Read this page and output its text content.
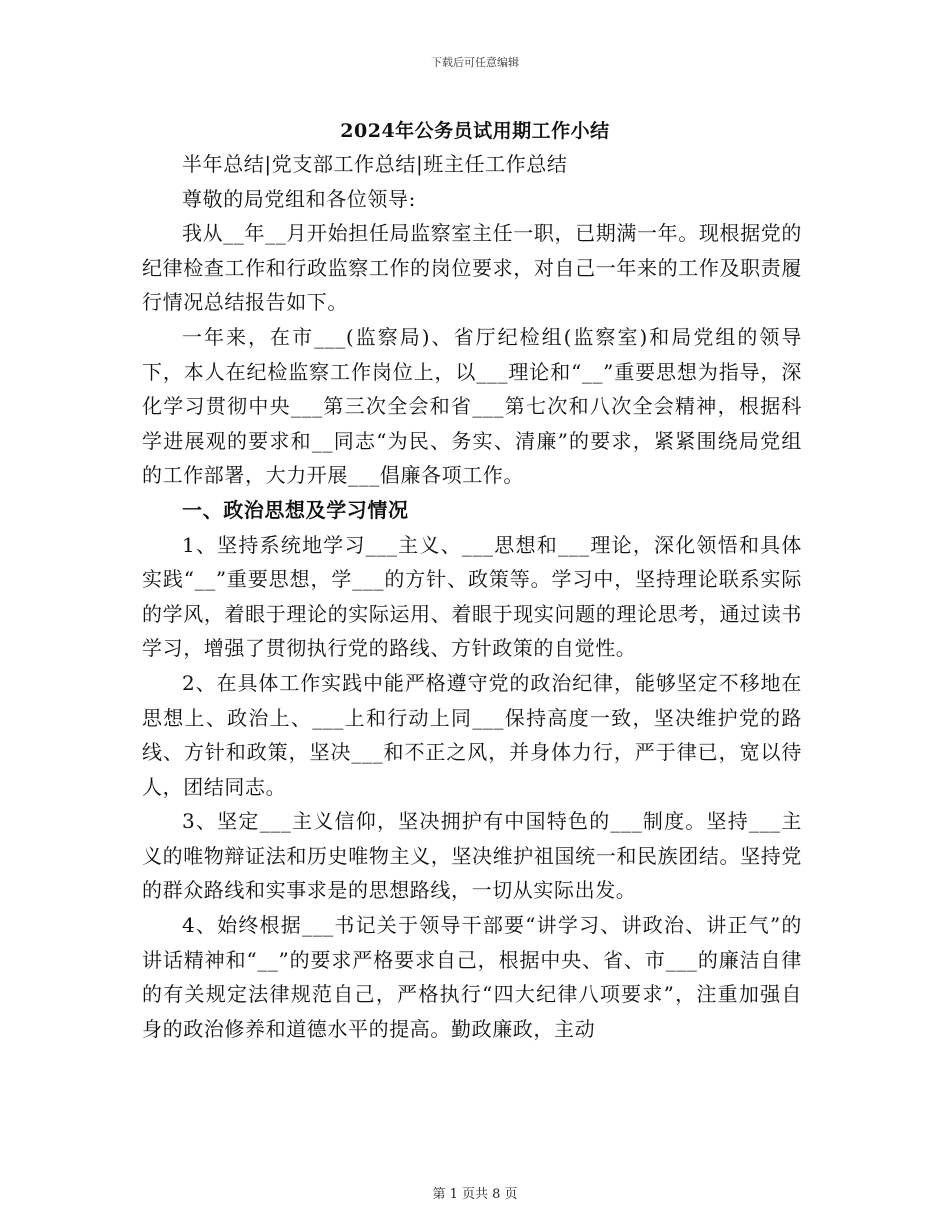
下载后可任意编辑
2024年公务员试用期工作小结

半年总结|党支部工作总结|班主任工作总结

尊敬的局党组和各位领导:

我从__年__月开始担任局监察室主任一职，已期满一年。现根据党的纪律检查工作和行政监察工作的岗位要求，对自己一年来的工作及职责履行情况总结报告如下。

一年来，在市___(监察局)、省厅纪检组(监察室)和局党组的领导下，本人在纪检监察工作岗位上，以___理论和“__”重要思想为指导，深化学习贯彻中央___第三次全会和省___第七次和八次全会精神，根据科学进展观的要求和__同志“为民、务实、清廉”的要求，紧紧围绕局党组的工作部署，大力开展___倡廉各项工作。

一、政治思想及学习情况

1、坚持系统地学习___主义、___思想和___理论，深化领悟和具体实践“__”重要思想，学___的方针、政策等。学习中，坚持理论联系实际的学风，着眼于理论的实际运用、着眼于现实问题的理论思考，通过读书学习，增强了贯彻执行党的路线、方针政策的自觉性。

2、在具体工作实践中能严格遵守党的政治纪律，能够坚定不移地在思想上、政治上、___上和行动上同___保持高度一致，坚决维护党的路线、方针和政策，坚决___和不正之风，并身体力行，严于律已，宽以待人，团结同志。

3、坚定___主义信仰，坚决拥护有中国特色的___制度。坚持___主义的唯物辩证法和历史唯物主义，坚决维护祖国统一和民族团结。坚持党的群众路线和实事求是的思想路线，一切从实际出发。

4、始终根据___书记关于领导干部要“讲学习、讲政治、讲正气”的讲话精神和“__”的要求严格要求自己，根据中央、省、市___的廉洁自律的有关规定法律规范自己，严格执行“四大纪律八项要求”，注重加强自身的政治修养和道德水平的提高。勤政廉政，主动

第 1 页共 8 页
